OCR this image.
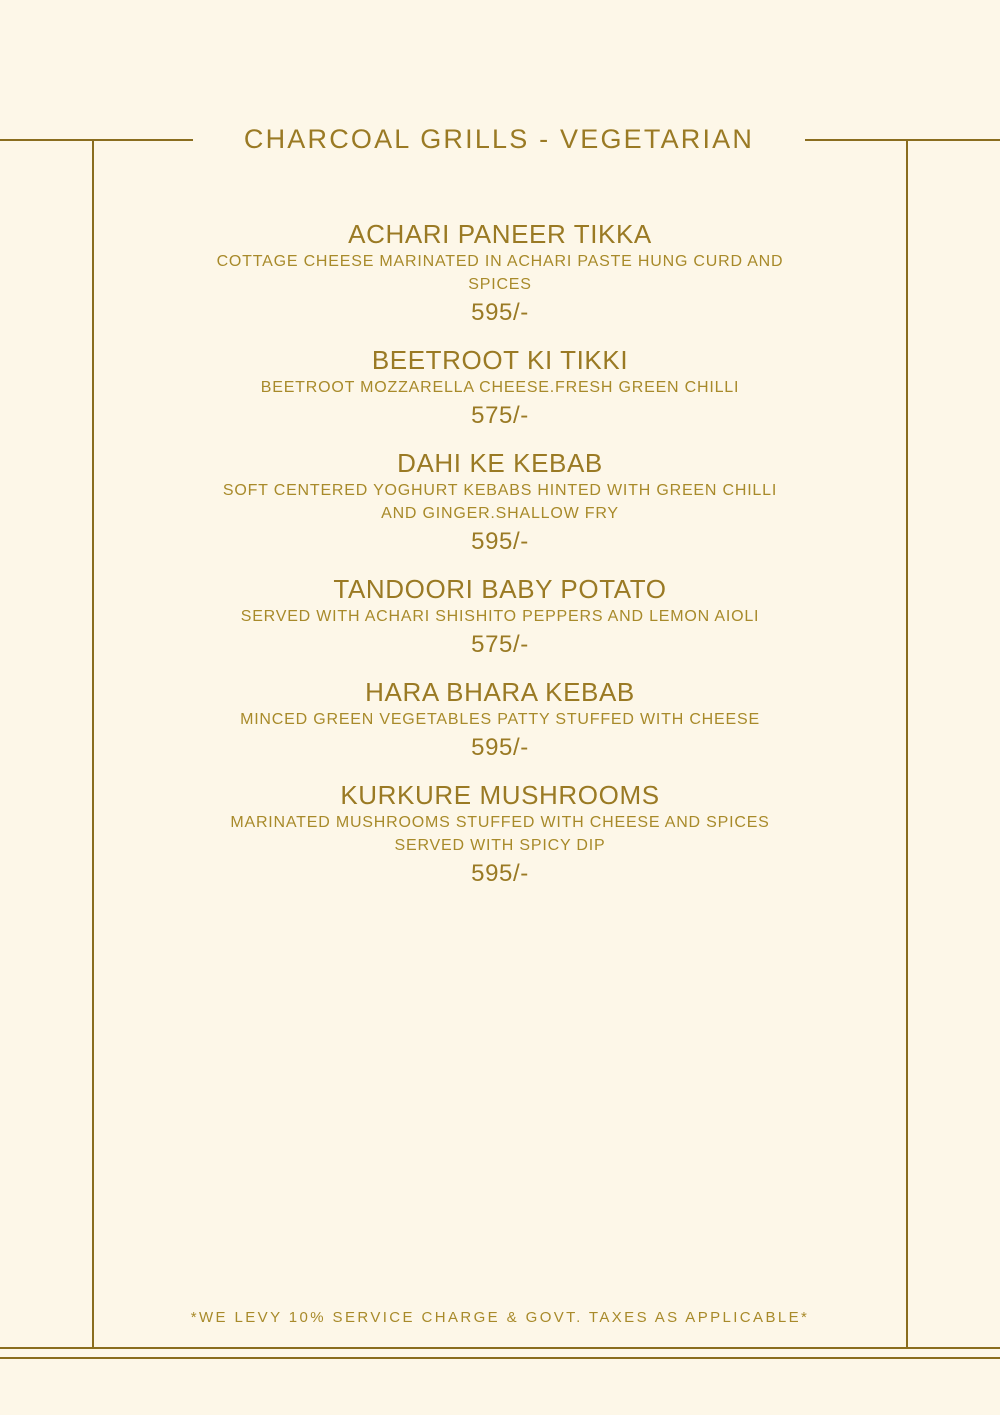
CHARCOAL GRILLS - VEGETARIAN
ACHARI PANEER TIKKA
COTTAGE CHEESE MARINATED IN ACHARI PASTE HUNG CURD AND SPICES
595/-
BEETROOT KI TIKKI
BEETROOT MOZZARELLA CHEESE.FRESH GREEN CHILLI
575/-
DAHI KE KEBAB
SOFT CENTERED YOGHURT KEBABS HINTED WITH GREEN CHILLI AND GINGER.SHALLOW FRY
595/-
TANDOORI BABY POTATO
SERVED WITH ACHARI SHISHITO PEPPERS AND LEMON AIOLI
575/-
HARA BHARA KEBAB
MINCED GREEN VEGETABLES PATTY STUFFED WITH CHEESE
595/-
KURKURE MUSHROOMS
MARINATED MUSHROOMS STUFFED WITH CHEESE AND SPICES SERVED WITH SPICY DIP
595/-
*WE LEVY 10% SERVICE CHARGE & GOVT. TAXES AS APPLICABLE*
